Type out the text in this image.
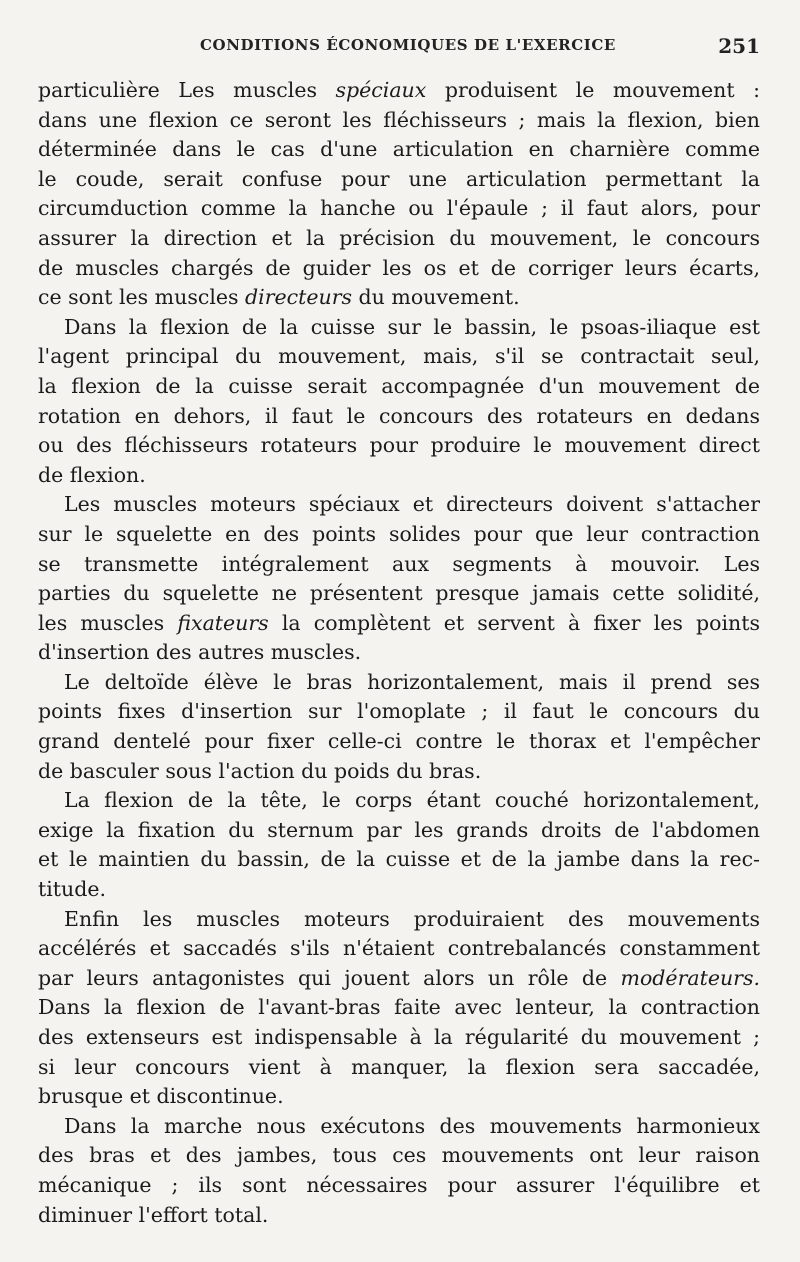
CONDITIONS ÉCONOMIQUES DE L'EXERCICE	251
particulière Les muscles spéciaux produisent le mouvement :
dans une flexion ce seront les fléchisseurs ; mais la flexion, bien
déterminée dans le cas d'une articulation en charnière comme
le coude, serait confuse pour une articulation permettant la
circumduction comme la hanche ou l'épaule ; il faut alors, pour
assurer la direction et la précision du mouvement, le concours
de muscles chargés de guider les os et de corriger leurs écarts,
ce sont les muscles directeurs du mouvement.
Dans la flexion de la cuisse sur le bassin, le psoas-iliaque est
l'agent principal du mouvement, mais, s'il se contractait seul,
la flexion de la cuisse serait accompagnée d'un mouvement de
rotation en dehors, il faut le concours des rotateurs en dedans
ou des fléchisseurs rotateurs pour produire le mouvement direct
de flexion.
Les muscles moteurs spéciaux et directeurs doivent s'attacher
sur le squelette en des points solides pour que leur contraction
se transmette intégralement aux segments à mouvoir. Les
parties du squelette ne présentent presque jamais cette solidité,
les muscles fixateurs la complètent et servent à fixer les points
d'insertion des autres muscles.
Le deltoïde élève le bras horizontalement, mais il prend ses
points fixes d'insertion sur l'omoplate ; il faut le concours du
grand dentelé pour fixer celle-ci contre le thorax et l'empêcher
de basculer sous l'action du poids du bras.
La flexion de la tête, le corps étant couché horizontalement,
exige la fixation du sternum par les grands droits de l'abdomen
et le maintien du bassin, de la cuisse et de la jambe dans la rec-
titude.
Enfin les muscles moteurs produiraient des mouvements
accélérés et saccadés s'ils n'étaient contrebalancés constamment
par leurs antagonistes qui jouent alors un rôle de modérateurs.
Dans la flexion de l'avant-bras faite avec lenteur, la contraction
des extenseurs est indispensable à la régularité du mouvement ;
si leur concours vient à manquer, la flexion sera saccadée,
brusque et discontinue.
Dans la marche nous exécutons des mouvements harmonieux
des bras et des jambes, tous ces mouvements ont leur raison
mécanique ; ils sont nécessaires pour assurer l'équilibre et
diminuer l'effort total.
